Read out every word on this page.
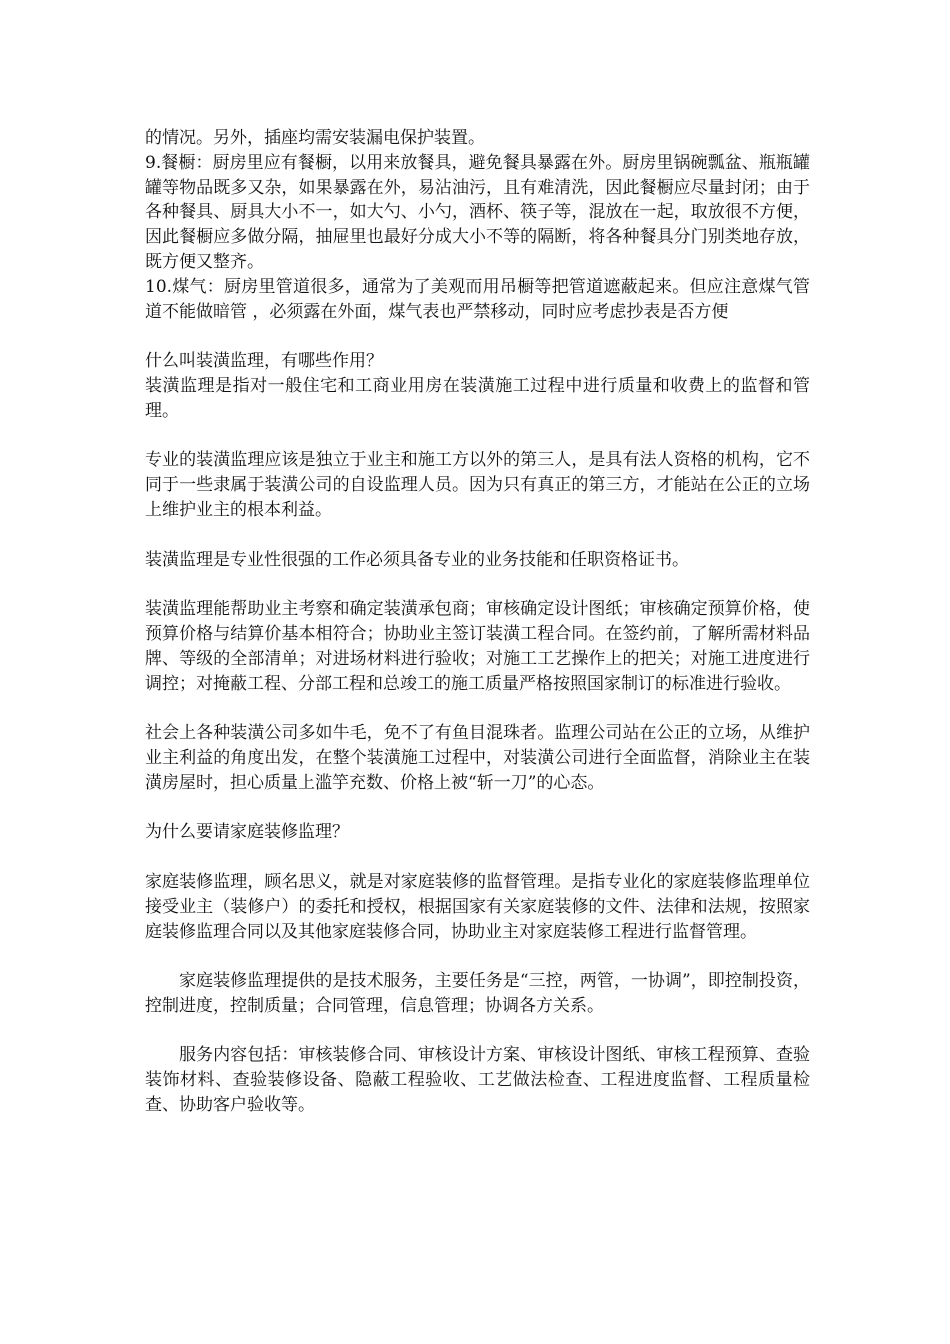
的情况。另外，插座均需安装漏电保护装置。

9.餐橱：厨房里应有餐橱，以用来放餐具，避免餐具暴露在外。厨房里锅碗瓢盆、瓶瓶罐罐等物品既多又杂，如果暴露在外，易沾油污，且有难清洗，因此餐橱应尽量封闭；由于各种餐具、厨具大小不一，如大勺、小勺，酒杯、筷子等，混放在一起，取放很不方便，因此餐橱应多做分隔，抽屉里也最好分成大小不等的隔断，将各种餐具分门别类地存放，既方便又整齐。

10.煤气：厨房里管道很多，通常为了美观而用吊橱等把管道遮蔽起来。但应注意煤气管道不能做暗管 ，必须露在外面，煤气表也严禁移动，同时应考虑抄表是否方便

什么叫装潢监理，有哪些作用？

装潢监理是指对一般住宅和工商业用房在装潢施工过程中进行质量和收费上的监督和管理。

专业的装潢监理应该是独立于业主和施工方以外的第三人，是具有法人资格的机构，它不同于一些隶属于装潢公司的自设监理人员。因为只有真正的第三方，才能站在公正的立场上维护业主的根本利益。

装潢监理是专业性很强的工作必须具备专业的业务技能和任职资格证书。

装潢监理能帮助业主考察和确定装潢承包商；审核确定设计图纸；审核确定预算价格，使预算价格与结算价基本相符合；协助业主签订装潢工程合同。在签约前，了解所需材料品牌、等级的全部清单；对进场材料进行验收；对施工工艺操作上的把关；对施工进度进行调控；对掩蔽工程、分部工程和总竣工的施工质量严格按照国家制订的标准进行验收。

社会上各种装潢公司多如牛毛，免不了有鱼目混珠者。监理公司站在公正的立场，从维护业主利益的角度出发，在整个装潢施工过程中，对装潢公司进行全面监督，消除业主在装潢房屋时，担心质量上滥竽充数、价格上被“斩一刀”的心态。

为什么要请家庭装修监理？

家庭装修监理，顾名思义，就是对家庭装修的监督管理。是指专业化的家庭装修监理单位接受业主（装修户）的委托和授权，根据国家有关家庭装修的文件、法律和法规，按照家庭装修监理合同以及其他家庭装修合同，协助业主对家庭装修工程进行监督管理。

家庭装修监理提供的是技术服务，主要任务是“三控，两管，一协调”，即控制投资，控制进度，控制质量；合同管理，信息管理；协调各方关系。

服务内容包括：审核装修合同、审核设计方案、审核设计图纸、审核工程预算、查验装饰材料、查验装修设备、隐蔽工程验收、工艺做法检查、工程进度监督、工程质量检查、协助客户验收等。
